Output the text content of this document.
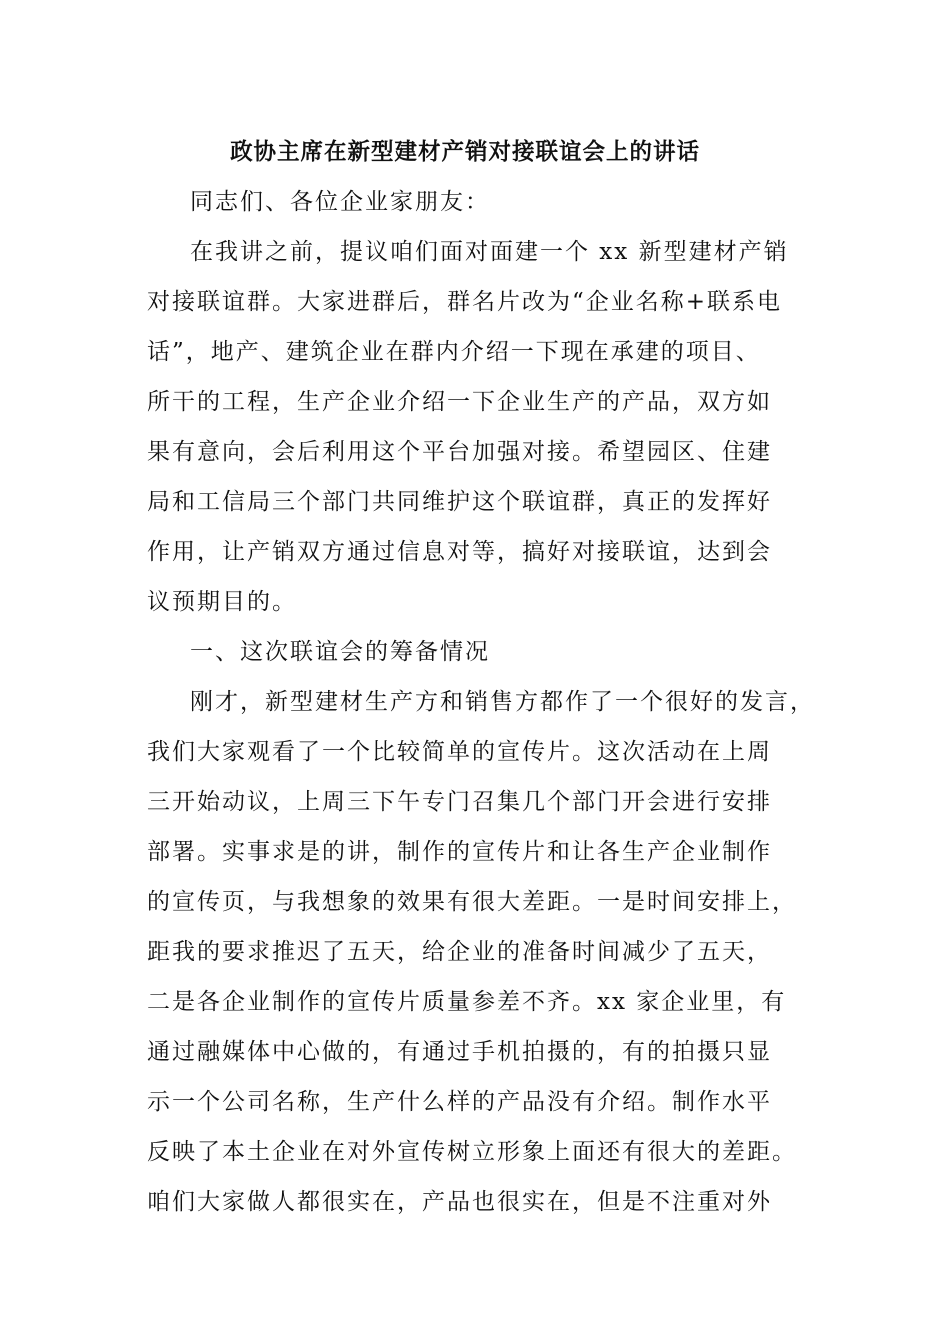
政协主席在新型建材产销对接联谊会上的讲话
同志们、各位企业家朋友：
在我讲之前，提议咱们面对面建一个 xx 新型建材产销
对接联谊群。大家进群后，群名片改为“企业名称+联系电
话”，地产、建筑企业在群内介绍一下现在承建的项目、
所干的工程，生产企业介绍一下企业生产的产品，双方如
果有意向，会后利用这个平台加强对接。希望园区、住建
局和工信局三个部门共同维护这个联谊群，真正的发挥好
作用，让产销双方通过信息对等，搞好对接联谊，达到会
议预期目的。
一、这次联谊会的筹备情况
刚才，新型建材生产方和销售方都作了一个很好的发言，
我们大家观看了一个比较简单的宣传片。这次活动在上周
三开始动议，上周三下午专门召集几个部门开会进行安排
部署。实事求是的讲，制作的宣传片和让各生产企业制作
的宣传页，与我想象的效果有很大差距。一是时间安排上，
距我的要求推迟了五天，给企业的准备时间减少了五天，
二是各企业制作的宣传片质量参差不齐。xx 家企业里，有
通过融媒体中心做的，有通过手机拍摄的，有的拍摄只显
示一个公司名称，生产什么样的产品没有介绍。制作水平
反映了本土企业在对外宣传树立形象上面还有很大的差距。
咱们大家做人都很实在，产品也很实在，但是不注重对外
